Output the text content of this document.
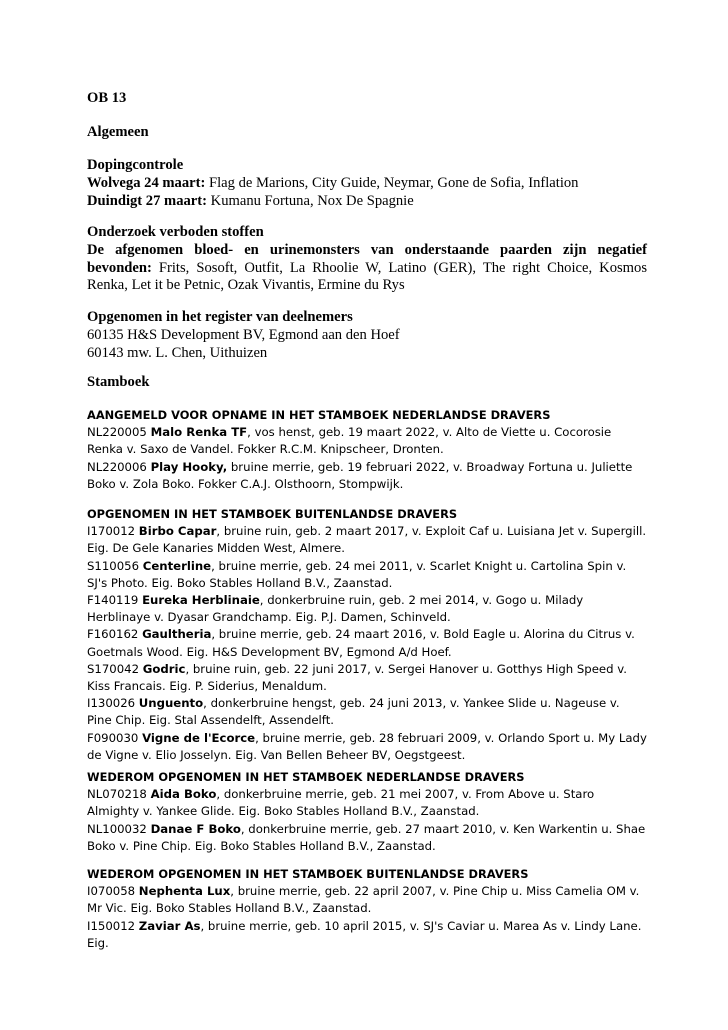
OB 13

Algemeen

Dopingcontrole

Wolvega 24 maart: Flag de Marions, City Guide, Neymar, Gone de Sofia, Inflation

Duindigt 27 maart: Kumanu Fortuna, Nox De Spagnie

Onderzoek verboden stoffen

De afgenomen bloed- en urinemonsters van onderstaande paarden zijn negatief bevonden: Frits, Sosoft, Outfit, La Rhoolie W, Latino (GER), The right Choice, Kosmos Renka, Let it be Petnic, Ozak Vivantis, Ermine du Rys

Opgenomen in het register van deelnemers

60135 H&S Development BV, Egmond aan den Hoef

60143 mw. L. Chen, Uithuizen

Stamboek

AANGEMELD VOOR OPNAME IN HET STAMBOEK NEDERLANDSE DRAVERS

NL220005 Malo Renka TF, vos henst, geb. 19 maart 2022, v. Alto de Viette u. Cocorosie Renka v. Saxo de Vandel. Fokker R.C.M. Knipscheer, Dronten.

NL220006 Play Hooky, bruine merrie, geb. 19 februari 2022, v. Broadway Fortuna u. Juliette Boko v. Zola Boko. Fokker C.A.J. Olsthoorn, Stompwijk.

OPGENOMEN IN HET STAMBOEK BUITENLANDSE DRAVERS

I170012 Birbo Capar, bruine ruin, geb. 2 maart 2017, v. Exploit Caf u. Luisiana Jet v. Supergill. Eig. De Gele Kanaries Midden West, Almere.

S110056 Centerline, bruine merrie, geb. 24 mei 2011, v. Scarlet Knight u. Cartolina Spin v. SJ's Photo. Eig. Boko Stables Holland B.V., Zaanstad.

F140119 Eureka Herblinaie, donkerbruine ruin, geb. 2 mei 2014, v. Gogo u. Milady Herblinaye v. Dyasar Grandchamp. Eig. P.J. Damen, Schinveld.

F160162 Gaultheria, bruine merrie, geb. 24 maart 2016, v. Bold Eagle u. Alorina du Citrus v. Goetmals Wood. Eig. H&S Development BV, Egmond A/d Hoef.

S170042 Godric, bruine ruin, geb. 22 juni 2017, v. Sergei Hanover u. Gotthys High Speed v. Kiss Francais. Eig. P. Siderius, Menaldum.

I130026 Unguento, donkerbruine hengst, geb. 24 juni 2013, v. Yankee Slide u. Nageuse v. Pine Chip. Eig. Stal Assendelft, Assendelft.

F090030 Vigne de l'Ecorce, bruine merrie, geb. 28 februari 2009, v. Orlando Sport u. My Lady de Vigne v. Elio Josselyn. Eig. Van Bellen Beheer BV, Oegstgeest.

WEDEROM OPGENOMEN IN HET STAMBOEK NEDERLANDSE DRAVERS

NL070218 Aida Boko, donkerbruine merrie, geb. 21 mei 2007, v. From Above u. Staro Almighty v. Yankee Glide. Eig. Boko Stables Holland B.V., Zaanstad.

NL100032 Danae F Boko, donkerbruine merrie, geb. 27 maart 2010, v. Ken Warkentin u. Shae Boko v. Pine Chip. Eig. Boko Stables Holland B.V., Zaanstad.

WEDEROM OPGENOMEN IN HET STAMBOEK BUITENLANDSE DRAVERS

I070058 Nephenta Lux, bruine merrie, geb. 22 april 2007, v. Pine Chip u. Miss Camelia OM v. Mr Vic. Eig. Boko Stables Holland B.V., Zaanstad.

I150012 Zaviar As, bruine merrie, geb. 10 april 2015, v. SJ's Caviar u. Marea As v. Lindy Lane. Eig.
